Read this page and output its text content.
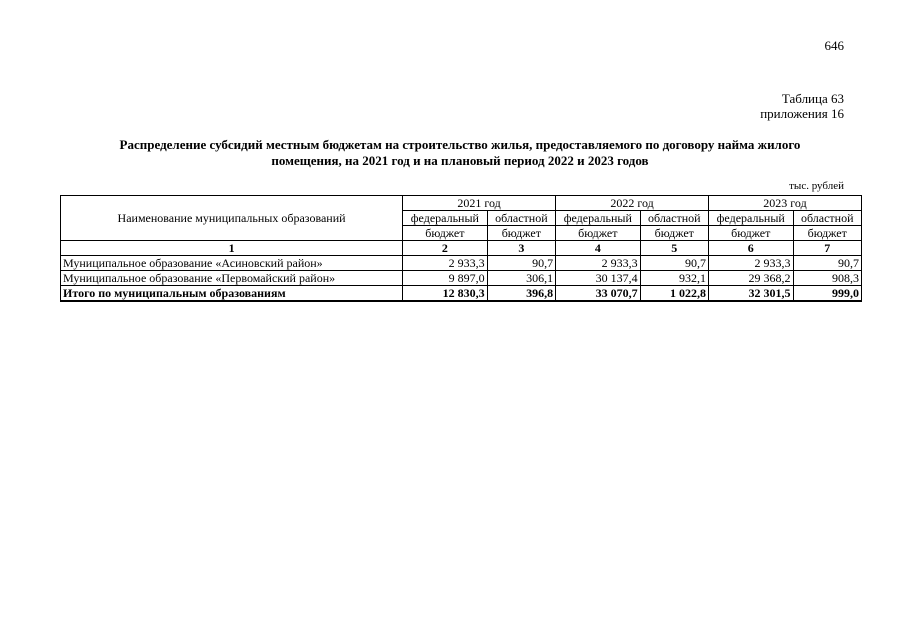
646
Таблица 63
приложения 16
Распределение субсидий местным бюджетам на строительство жилья, предоставляемого по договору найма жилого
помещения, на 2021 год и на плановый период 2022 и 2023 годов
тыс. рублей
Наименование муниципальных образований	2021 год		2022 год		2023 год	
	федеральный	областной	федеральный	областной	федеральный	областной
	бюджет	бюджет	бюджет	бюджет	бюджет	бюджет
1	2	3	4	5	6	7
Муниципальное образование «Асиновский район»	2 933,3	90,7	2 933,3	90,7	2 933,3	90,7
Муниципальное образование «Первомайский район»	9 897,0	306,1	30 137,4	932,1	29 368,2	908,3
Итого по муниципальным образованиям	12 830,3	396,8	33 070,7	1 022,8	32 301,5	999,0
